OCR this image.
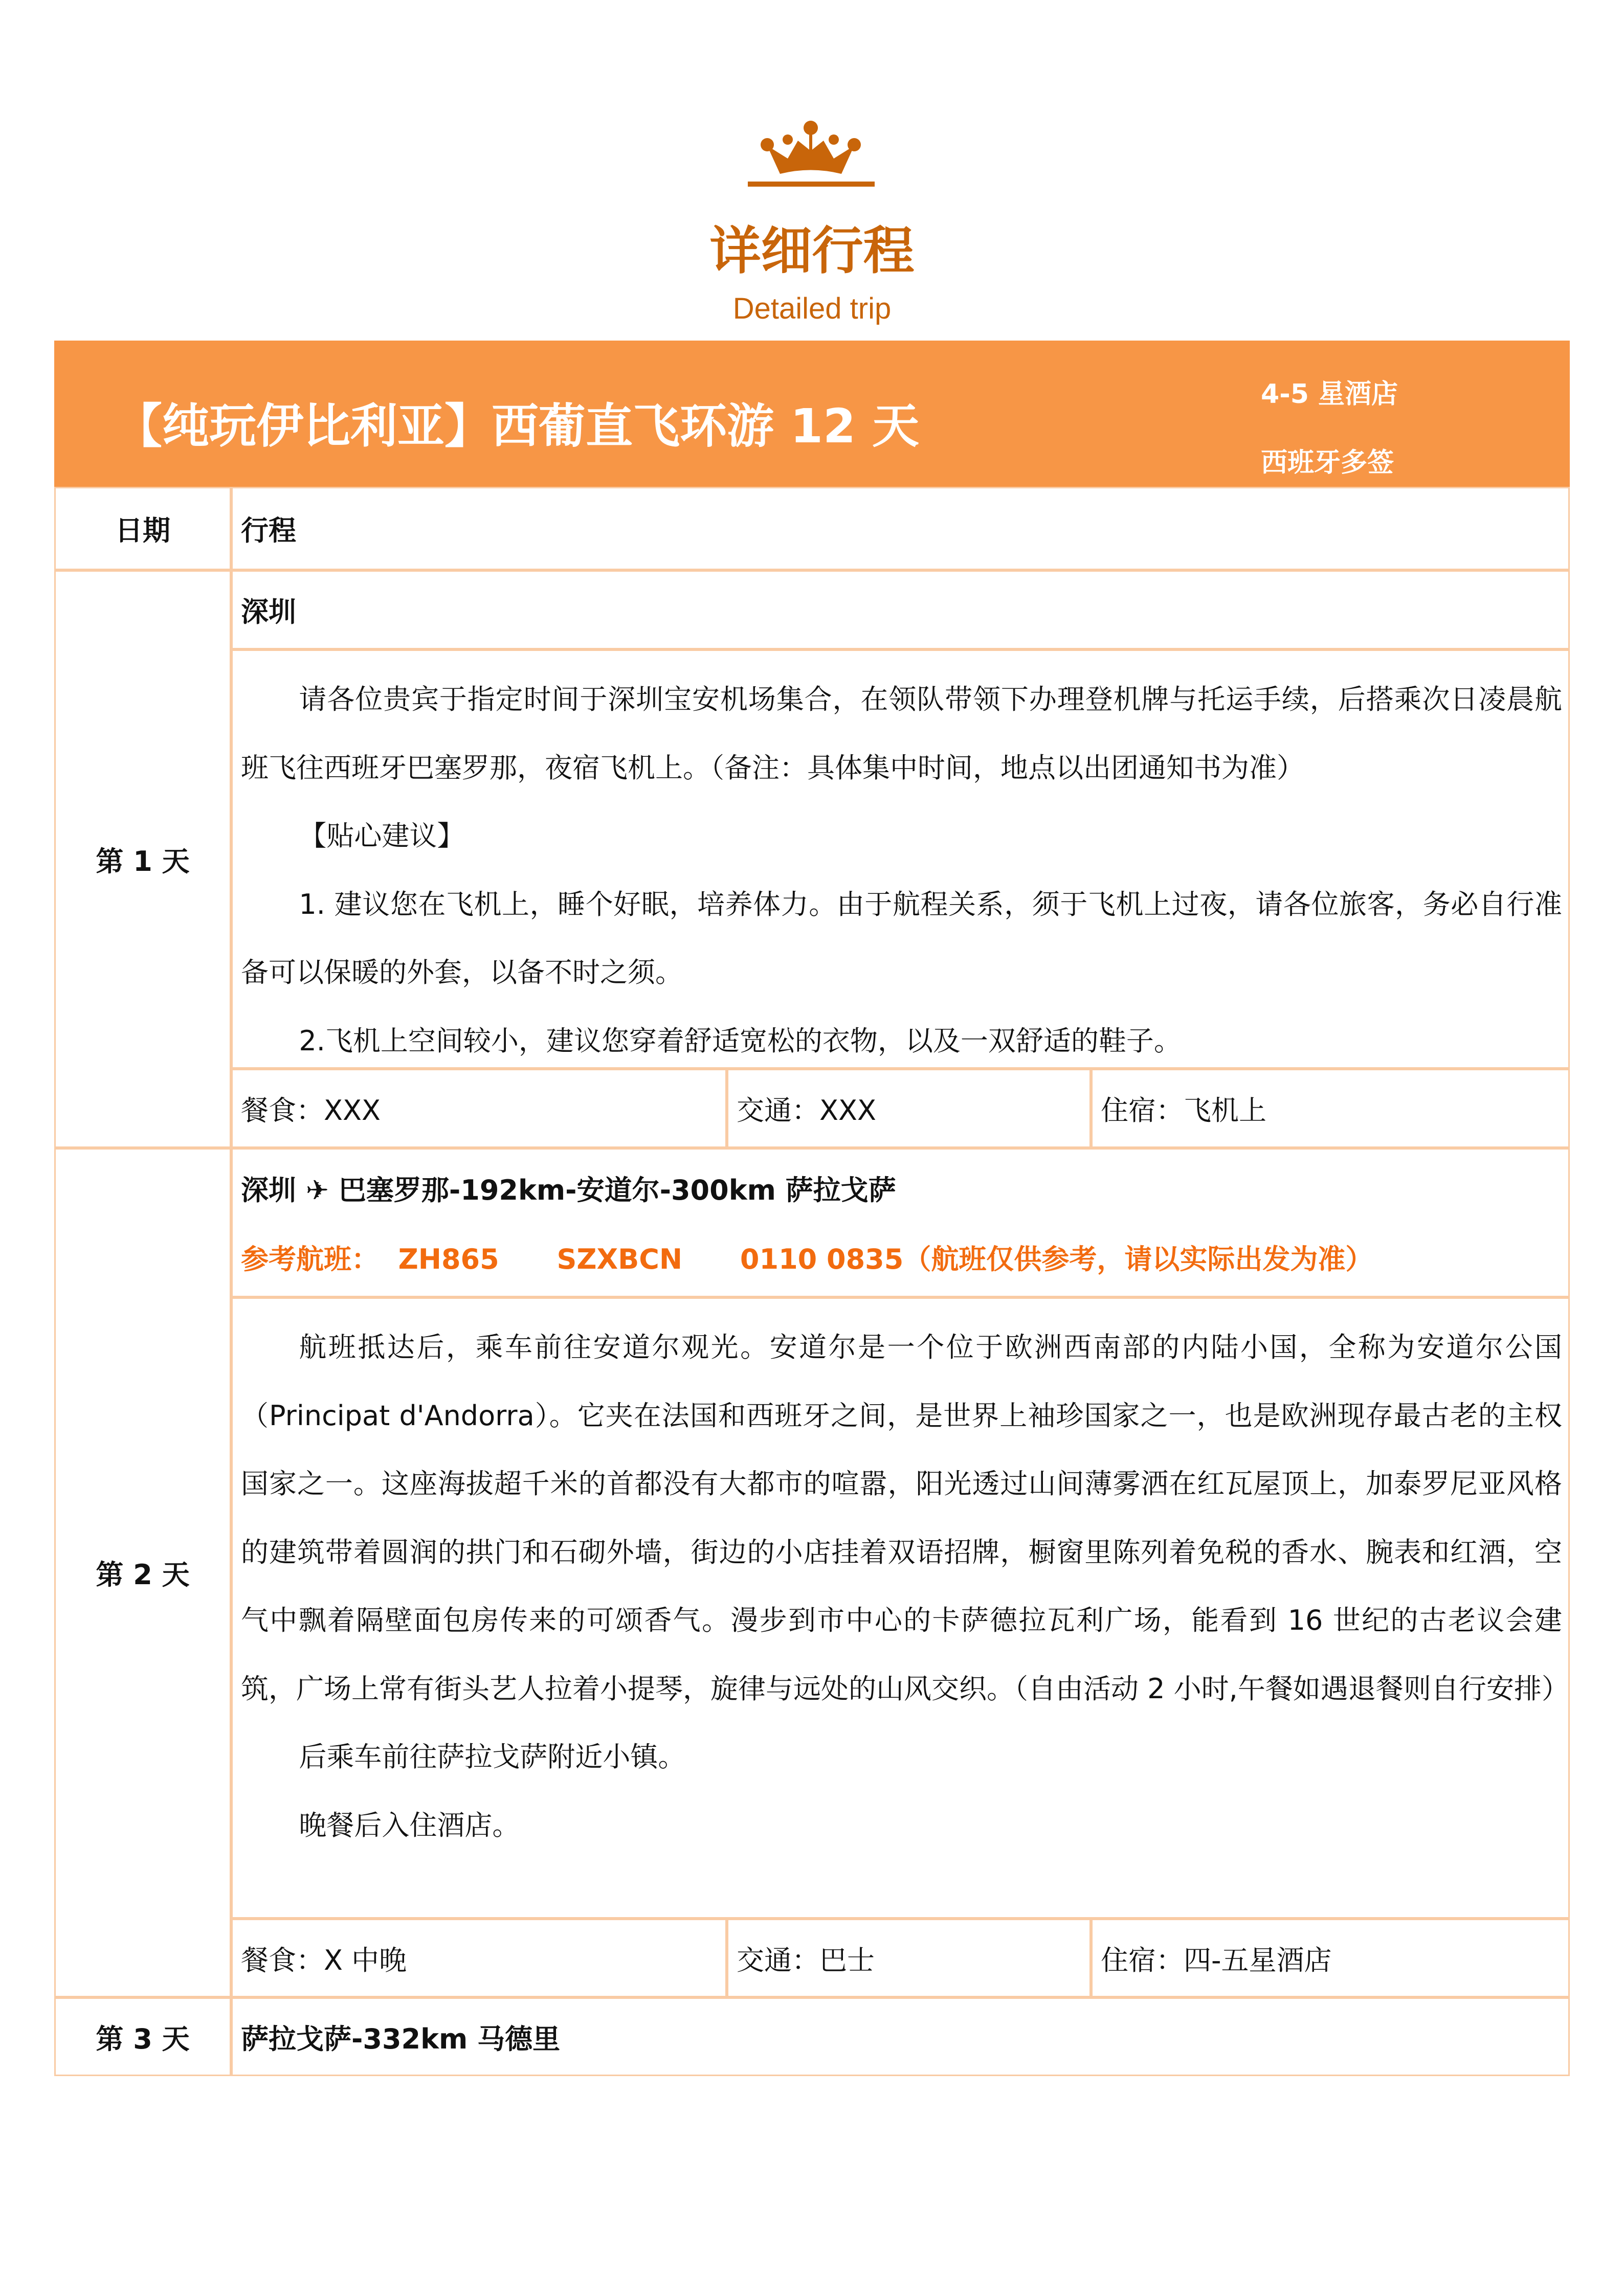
详细行程
Detailed trip
【纯玩伊比利亚】西葡直飞环游 12 天
4-5 星酒店
西班牙多签
日期	行程
第 1 天
深圳

请各位贵宾于指定时间于深圳宝安机场集合，在领队带领下办理登机牌与托运手续，后搭乘次日凌晨航班飞往西班牙巴塞罗那，夜宿飞机上。（备注：具体集中时间，地点以出团通知书为准）

【贴心建议】

1. 建议您在飞机上，睡个好眠，培养体力。由于航程关系，须于飞机上过夜，请各位旅客，务必自行准备可以保暖的外套，以备不时之须。

2.飞机上空间较小，建议您穿着舒适宽松的衣物，以及一双舒适的鞋子。

餐食：XXX	交通：XXX	住宿：飞机上
第 2 天
深圳 ✈ 巴塞罗那-192km-安道尔-300km 萨拉戈萨
参考航班：  ZH865      SZXBCN      0110 0835（航班仅供参考，请以实际出发为准）

航班抵达后，乘车前往安道尔观光。安道尔是一个位于欧洲西南部的内陆小国，全称为安道尔公国（Principat d'Andorra）。它夹在法国和西班牙之间，是世界上袖珍国家之一，也是欧洲现存最古老的主权国家之一。这座海拔超千米的首都没有大都市的喧嚣，阳光透过山间薄雾洒在红瓦屋顶上，加泰罗尼亚风格的建筑带着圆润的拱门和石砌外墙，街边的小店挂着双语招牌，橱窗里陈列着免税的香水、腕表和红酒，空气中飘着隔壁面包房传来的可颂香气。漫步到市中心的卡萨德拉瓦利广场，能看到 16 世纪的古老议会建筑，广场上常有街头艺人拉着小提琴，旋律与远处的山风交织。（自由活动 2 小时,午餐如遇退餐则自行安排）

后乘车前往萨拉戈萨附近小镇。

晚餐后入住酒店。

餐食：X 中晚	交通：巴士	住宿：四-五星酒店
第 3 天	萨拉戈萨-332km 马德里
